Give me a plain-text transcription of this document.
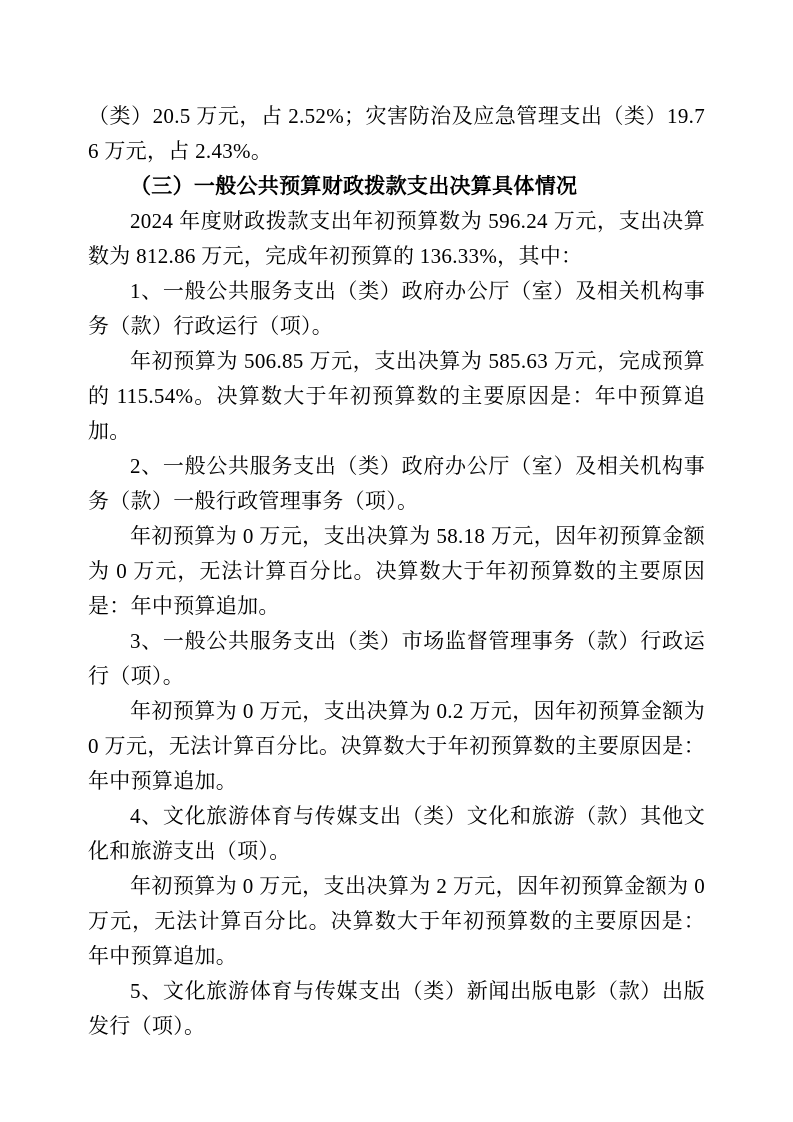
（类）20.5 万元，占 2.52%；灾害防治及应急管理支出（类）19.76 万元，占 2.43%。

（三）一般公共预算财政拨款支出决算具体情况

2024 年度财政拨款支出年初预算数为 596.24 万元，支出决算数为 812.86 万元，完成年初预算的 136.33%，其中：

1、一般公共服务支出（类）政府办公厅（室）及相关机构事务（款）行政运行（项）。

年初预算为 506.85 万元，支出决算为 585.63 万元，完成预算的 115.54%。决算数大于年初预算数的主要原因是：年中预算追加。

2、一般公共服务支出（类）政府办公厅（室）及相关机构事务（款）一般行政管理事务（项）。

年初预算为 0 万元，支出决算为 58.18 万元，因年初预算金额为 0 万元，无法计算百分比。决算数大于年初预算数的主要原因是：年中预算追加。

3、一般公共服务支出（类）市场监督管理事务（款）行政运行（项）。

年初预算为 0 万元，支出决算为 0.2 万元，因年初预算金额为 0 万元，无法计算百分比。决算数大于年初预算数的主要原因是：年中预算追加。

4、文化旅游体育与传媒支出（类）文化和旅游（款）其他文化和旅游支出（项）。

年初预算为 0 万元，支出决算为 2 万元，因年初预算金额为 0 万元，无法计算百分比。决算数大于年初预算数的主要原因是：年中预算追加。

5、文化旅游体育与传媒支出（类）新闻出版电影（款）出版发行（项）。
